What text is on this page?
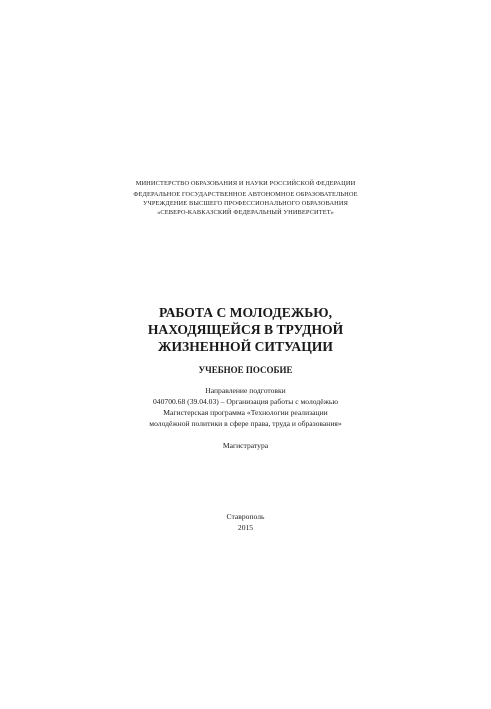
МИНИСТЕРСТВО ОБРАЗОВАНИЯ И НАУКИ РОССИЙСКОЙ ФЕДЕРАЦИИ

ФЕДЕРАЛЬНОЕ ГОСУДАРСТВЕННОЕ АВТОНОМНОЕ ОБРАЗОВАТЕЛЬНОЕ

УЧРЕЖДЕНИЕ ВЫСШЕГО ПРОФЕССИОНАЛЬНОГО ОБРАЗОВАНИЯ

«СЕВЕРО-КАВКАЗСКИЙ ФЕДЕРАЛЬНЫЙ УНИВЕРСИТЕТ»

РАБОТА С МОЛОДЕЖЬЮ,

НАХОДЯЩЕЙСЯ В ТРУДНОЙ

ЖИЗНЕННОЙ СИТУАЦИИ

УЧЕБНОЕ ПОСОБИЕ

Направление подготовки

040700.68 (39.04.03) – Организация работы с молодёжью

Магистерская программа «Технологии реализации

молодёжной политики в сфере права, труда и образования»

Магистратура

Ставрополь

2015
